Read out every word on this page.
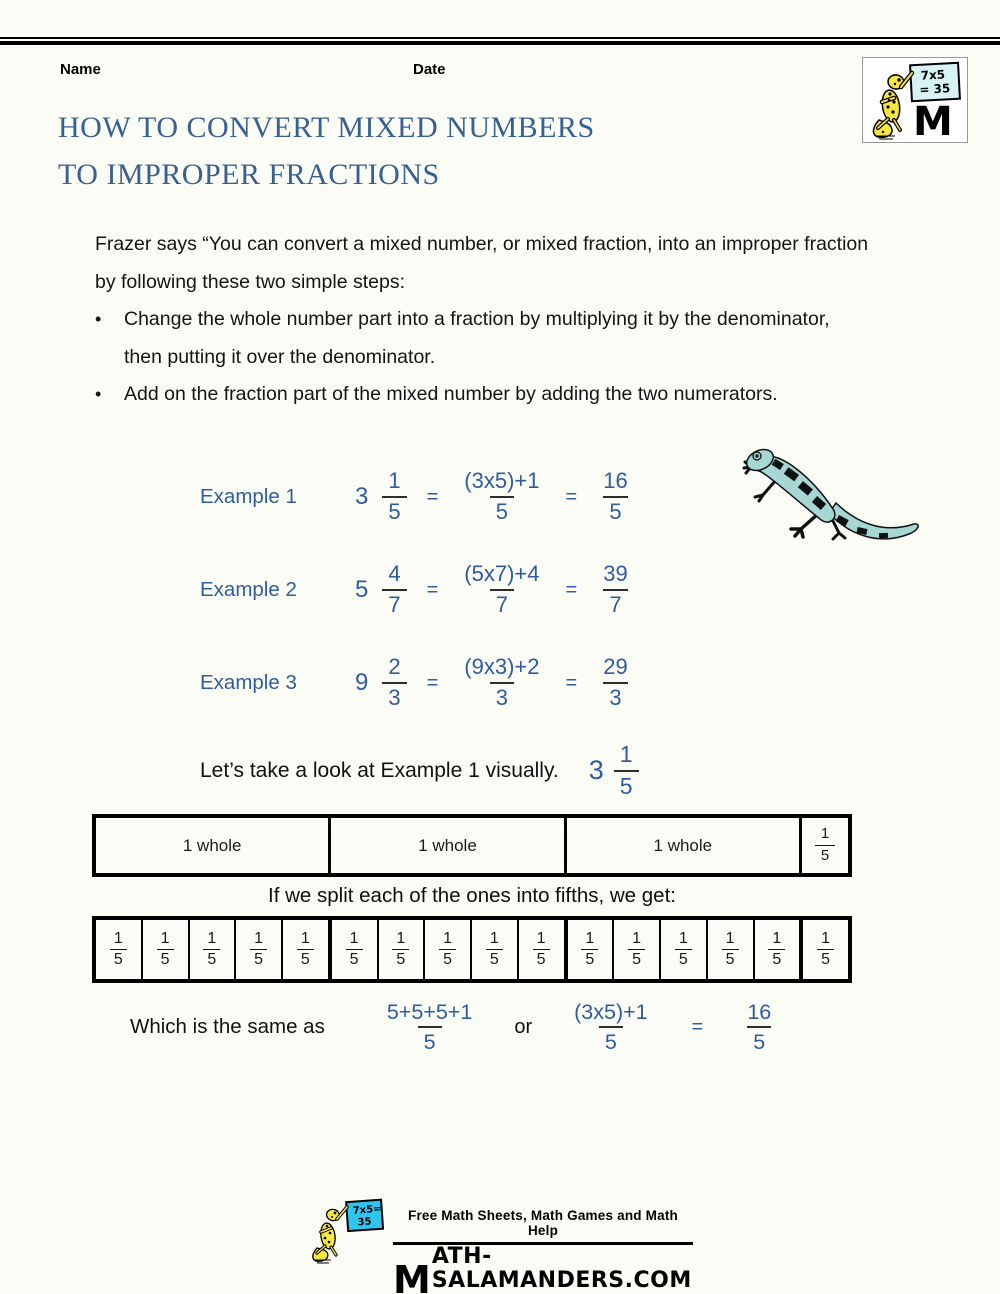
Name	Date	7x5
= 35
M
HOW TO CONVERT MIXED NUMBERS
TO IMPROPER FRACTIONS
Frazer says “You can convert a mixed number, or mixed fraction, into an improper fraction by following these two simple steps:
•	Change the whole number part into a fraction by multiplying it by the denominator, then putting it over the denominator.
•	Add on the fraction part of the mixed number by adding the two numerators.
Example 1	$3 \frac{1}{5} = \frac{(3x5)+1}{5} = \frac{16}{5}$
Example 2	$5 \frac{4}{7} = \frac{(5x7)+4}{7} = \frac{39}{7}$
Example 3	$9 \frac{2}{3} = \frac{(9x3)+2}{3} = \frac{29}{3}$
Let’s take a look at Example 1 visually. $3 \frac{1}{5}$
1 whole	1 whole	1 whole	$\frac{1}{5}$
If we split each of the ones into fifths, we get:
$\frac{1}{5} \frac{1}{5} \frac{1}{5} \frac{1}{5} \frac{1}{5} \frac{1}{5} \frac{1}{5} \frac{1}{5} \frac{1}{5} \frac{1}{5} \frac{1}{5} \frac{1}{5} \frac{1}{5} \frac{1}{5} \frac{1}{5} \frac{1}{5}$
Which is the same as $\frac{5+5+5+1}{5}$ or $\frac{(3x5)+1}{5} = \frac{16}{5}$
7x5=
35	Free Math Sheets, Math Games and Math Help
M
ATH-SALAMANDERS.COM
